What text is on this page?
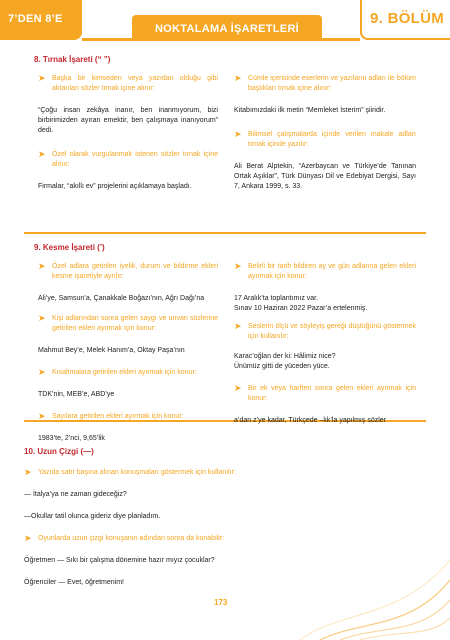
7’DEN 8’E
NOKTALAMA İŞARETLERİ
9. BÖLÜM
8. Tırnak İşareti (“ ”)
➤ Başka bir kimseden veya yazıdan olduğu gibi aktarılan sözler tırnak içine alınır:
“Çoğu insan zekâya inanır, ben inanmıyorum, bizi birbirimizden ayıran emektir, ben çalışmaya inanıyorum” dedi.
➤ Özel olarak vurgulanmak istenen sözler tırnak içine alınır:
Firmalar, “akıllı ev” projelerini açıklamaya başladı.
➤ Cümle içerisinde eserlerin ve yazıların adları ile bölüm başlıkları tırnak içine alınır:
Kitabımızdaki ilk metin “Memleket İsterim” şiiridir.
➤ Bilimsel çalışmalarda içinde verilen makale adları tırnak içinde yazılır:
Ali Berat Alptekin, “Azerbaycan ve Türkiye’de Tanınan Ortak Aşıklar”, Türk Dünyası Dil ve Edebiyat Dergisi, Sayı 7, Ankara 1999, s. 33.
9. Kesme İşareti (’)
➤ Özel adlara getirilen iyelik, durum ve bildirme ekleri kesme işaretiyle ayrılır:
Ali’ye, Samsun’a, Çanakkale Boğazı’nın, Ağrı Dağı’na
➤ Kişi adlarından sonra gelen saygı ve unvan sözlerine getirilen ekleri ayırmak için konur:
Mahmut Bey’e, Melek Hanım’a, Oktay Paşa’nın
➤ Kısaltmalara getirilen ekleri ayırmak için konur:
TDK’nin, MEB’e, ABD’ye
➤ Sayılara getirilen ekleri ayırmak için konur:
1983’te, 2’nci, 9,65’lik
➤ Belirli bir tarih bildiren ay ve gün adlarına gelen ekleri ayırmak için konur:
17 Aralık’ta toplantımız var.
Sınav 10 Haziran 2022 Pazar’a ertelenmiş.
➤ Seslerin ölçü ve söyleyiş gereği düştüğünü göstermek için kullanılır:
Karac’oğlan der ki: Hâlimiz nice?
Ünümüz gitti de yüceden yüce.
➤ Bir ek veya harften sonra gelen ekleri ayırmak için konur:
a’dan z’ye kadar, Türkçede –lık’la yapılmış sözler
10. Uzun Çizgi (—)
➤ Yazıda satır başına alınan konuşmaları göstermek için kullanılır:
— İtalya’ya ne zaman gideceğiz?
—Okullar tatil olunca gideriz diye planladım.
➤ Oyunlarda uzun çizgi konuşanın adından sonra da konabilir:
Öğretmen — Sıkı bir çalışma dönemine hazır mıyız çocuklar?
Öğrenciler — Evet, öğretmenim!
173
